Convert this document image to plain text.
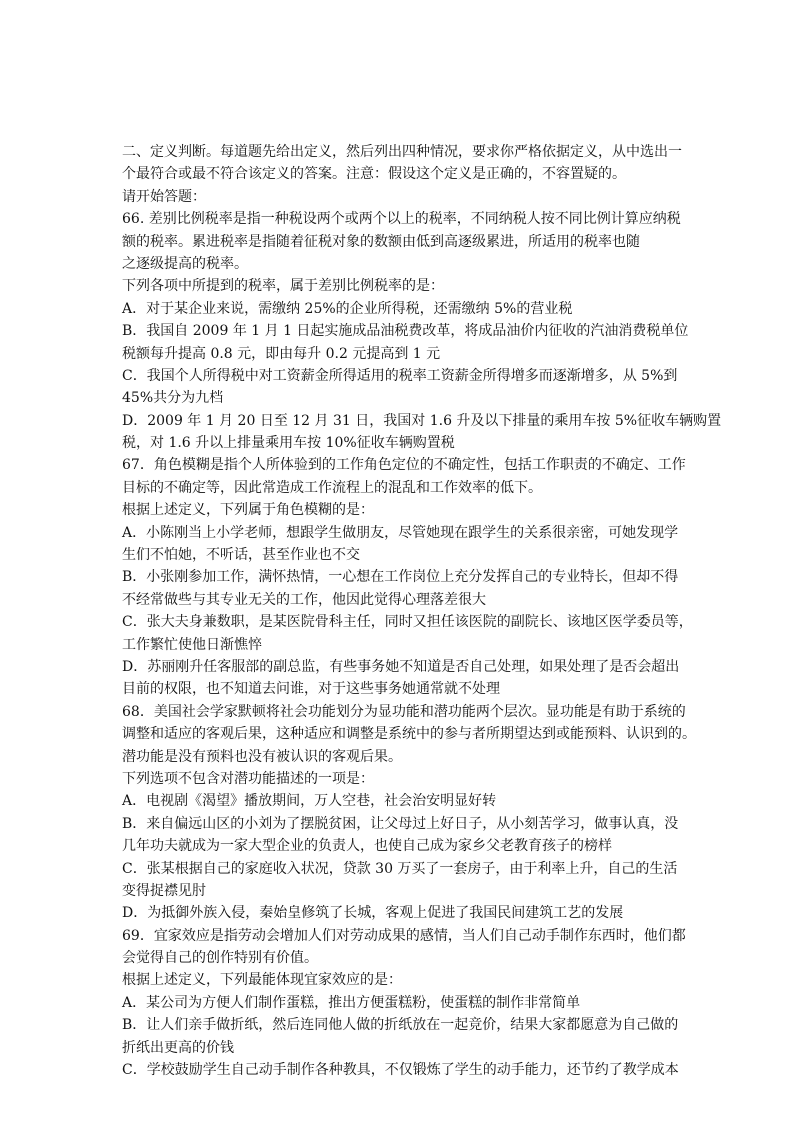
二、定义判断。每道题先给出定义，然后列出四种情况，要求你严格依据定义，从中选出一
个最符合或最不符合该定义的答案。注意：假设这个定义是正确的，不容置疑的。
请开始答题：
66. 差别比例税率是指一种税设两个或两个以上的税率，不同纳税人按不同比例计算应纳税
额的税率。累进税率是指随着征税对象的数额由低到高逐级累进，所适用的税率也随
之逐级提高的税率。
下列各项中所提到的税率，属于差别比例税率的是：
A．对于某企业来说，需缴纳 25%的企业所得税，还需缴纳 5%的营业税
B．我国自 2009 年 1 月 1 日起实施成品油税费改革，将成品油价内征收的汽油消费税单位
税额每升提高 0.8 元，即由每升 0.2 元提高到 1 元
C．我国个人所得税中对工资薪金所得适用的税率工资薪金所得增多而逐渐增多，从 5%到
45%共分为九档
D．2009 年 1 月 20 日至 12 月 31 日，我国对 1.6 升及以下排量的乘用车按 5%征收车辆购置
税，对 1.6 升以上排量乘用车按 10%征收车辆购置税
67．角色模糊是指个人所体验到的工作角色定位的不确定性，包括工作职责的不确定、工作
目标的不确定等，因此常造成工作流程上的混乱和工作效率的低下。
根据上述定义，下列属于角色模糊的是：
A．小陈刚当上小学老师，想跟学生做朋友，尽管她现在跟学生的关系很亲密，可她发现学
生们不怕她，不听话，甚至作业也不交
B．小张刚参加工作，满怀热情，一心想在工作岗位上充分发挥自己的专业特长，但却不得
不经常做些与其专业无关的工作，他因此觉得心理落差很大
C．张大夫身兼数职，是某医院骨科主任，同时又担任该医院的副院长、该地区医学委员等，
工作繁忙使他日渐憔悴
D．苏丽刚升任客服部的副总监，有些事务她不知道是否自己处理，如果处理了是否会超出
目前的权限，也不知道去问谁，对于这些事务她通常就不处理
68．美国社会学家默顿将社会功能划分为显功能和潜功能两个层次。显功能是有助于系统的
调整和适应的客观后果，这种适应和调整是系统中的参与者所期望达到或能预料、认识到的。
潜功能是没有预料也没有被认识的客观后果。
下列选项不包含对潜功能描述的一项是：
A．电视剧《渴望》播放期间，万人空巷，社会治安明显好转
B．来自偏远山区的小刘为了摆脱贫困，让父母过上好日子，从小刻苦学习，做事认真，没
几年功夫就成为一家大型企业的负责人，也使自己成为家乡父老教育孩子的榜样
C．张某根据自己的家庭收入状况，贷款 30 万买了一套房子，由于利率上升，自己的生活
变得捉襟见肘
D．为抵御外族入侵，秦始皇修筑了长城，客观上促进了我国民间建筑工艺的发展
69．宜家效应是指劳动会增加人们对劳动成果的感情，当人们自己动手制作东西时，他们都
会觉得自己的创作特别有价值。
根据上述定义，下列最能体现宜家效应的是：
A．某公司为方便人们制作蛋糕，推出方便蛋糕粉，使蛋糕的制作非常简单
B．让人们亲手做折纸，然后连同他人做的折纸放在一起竞价，结果大家都愿意为自己做的
折纸出更高的价钱
C．学校鼓励学生自己动手制作各种教具，不仅锻炼了学生的动手能力，还节约了教学成本
